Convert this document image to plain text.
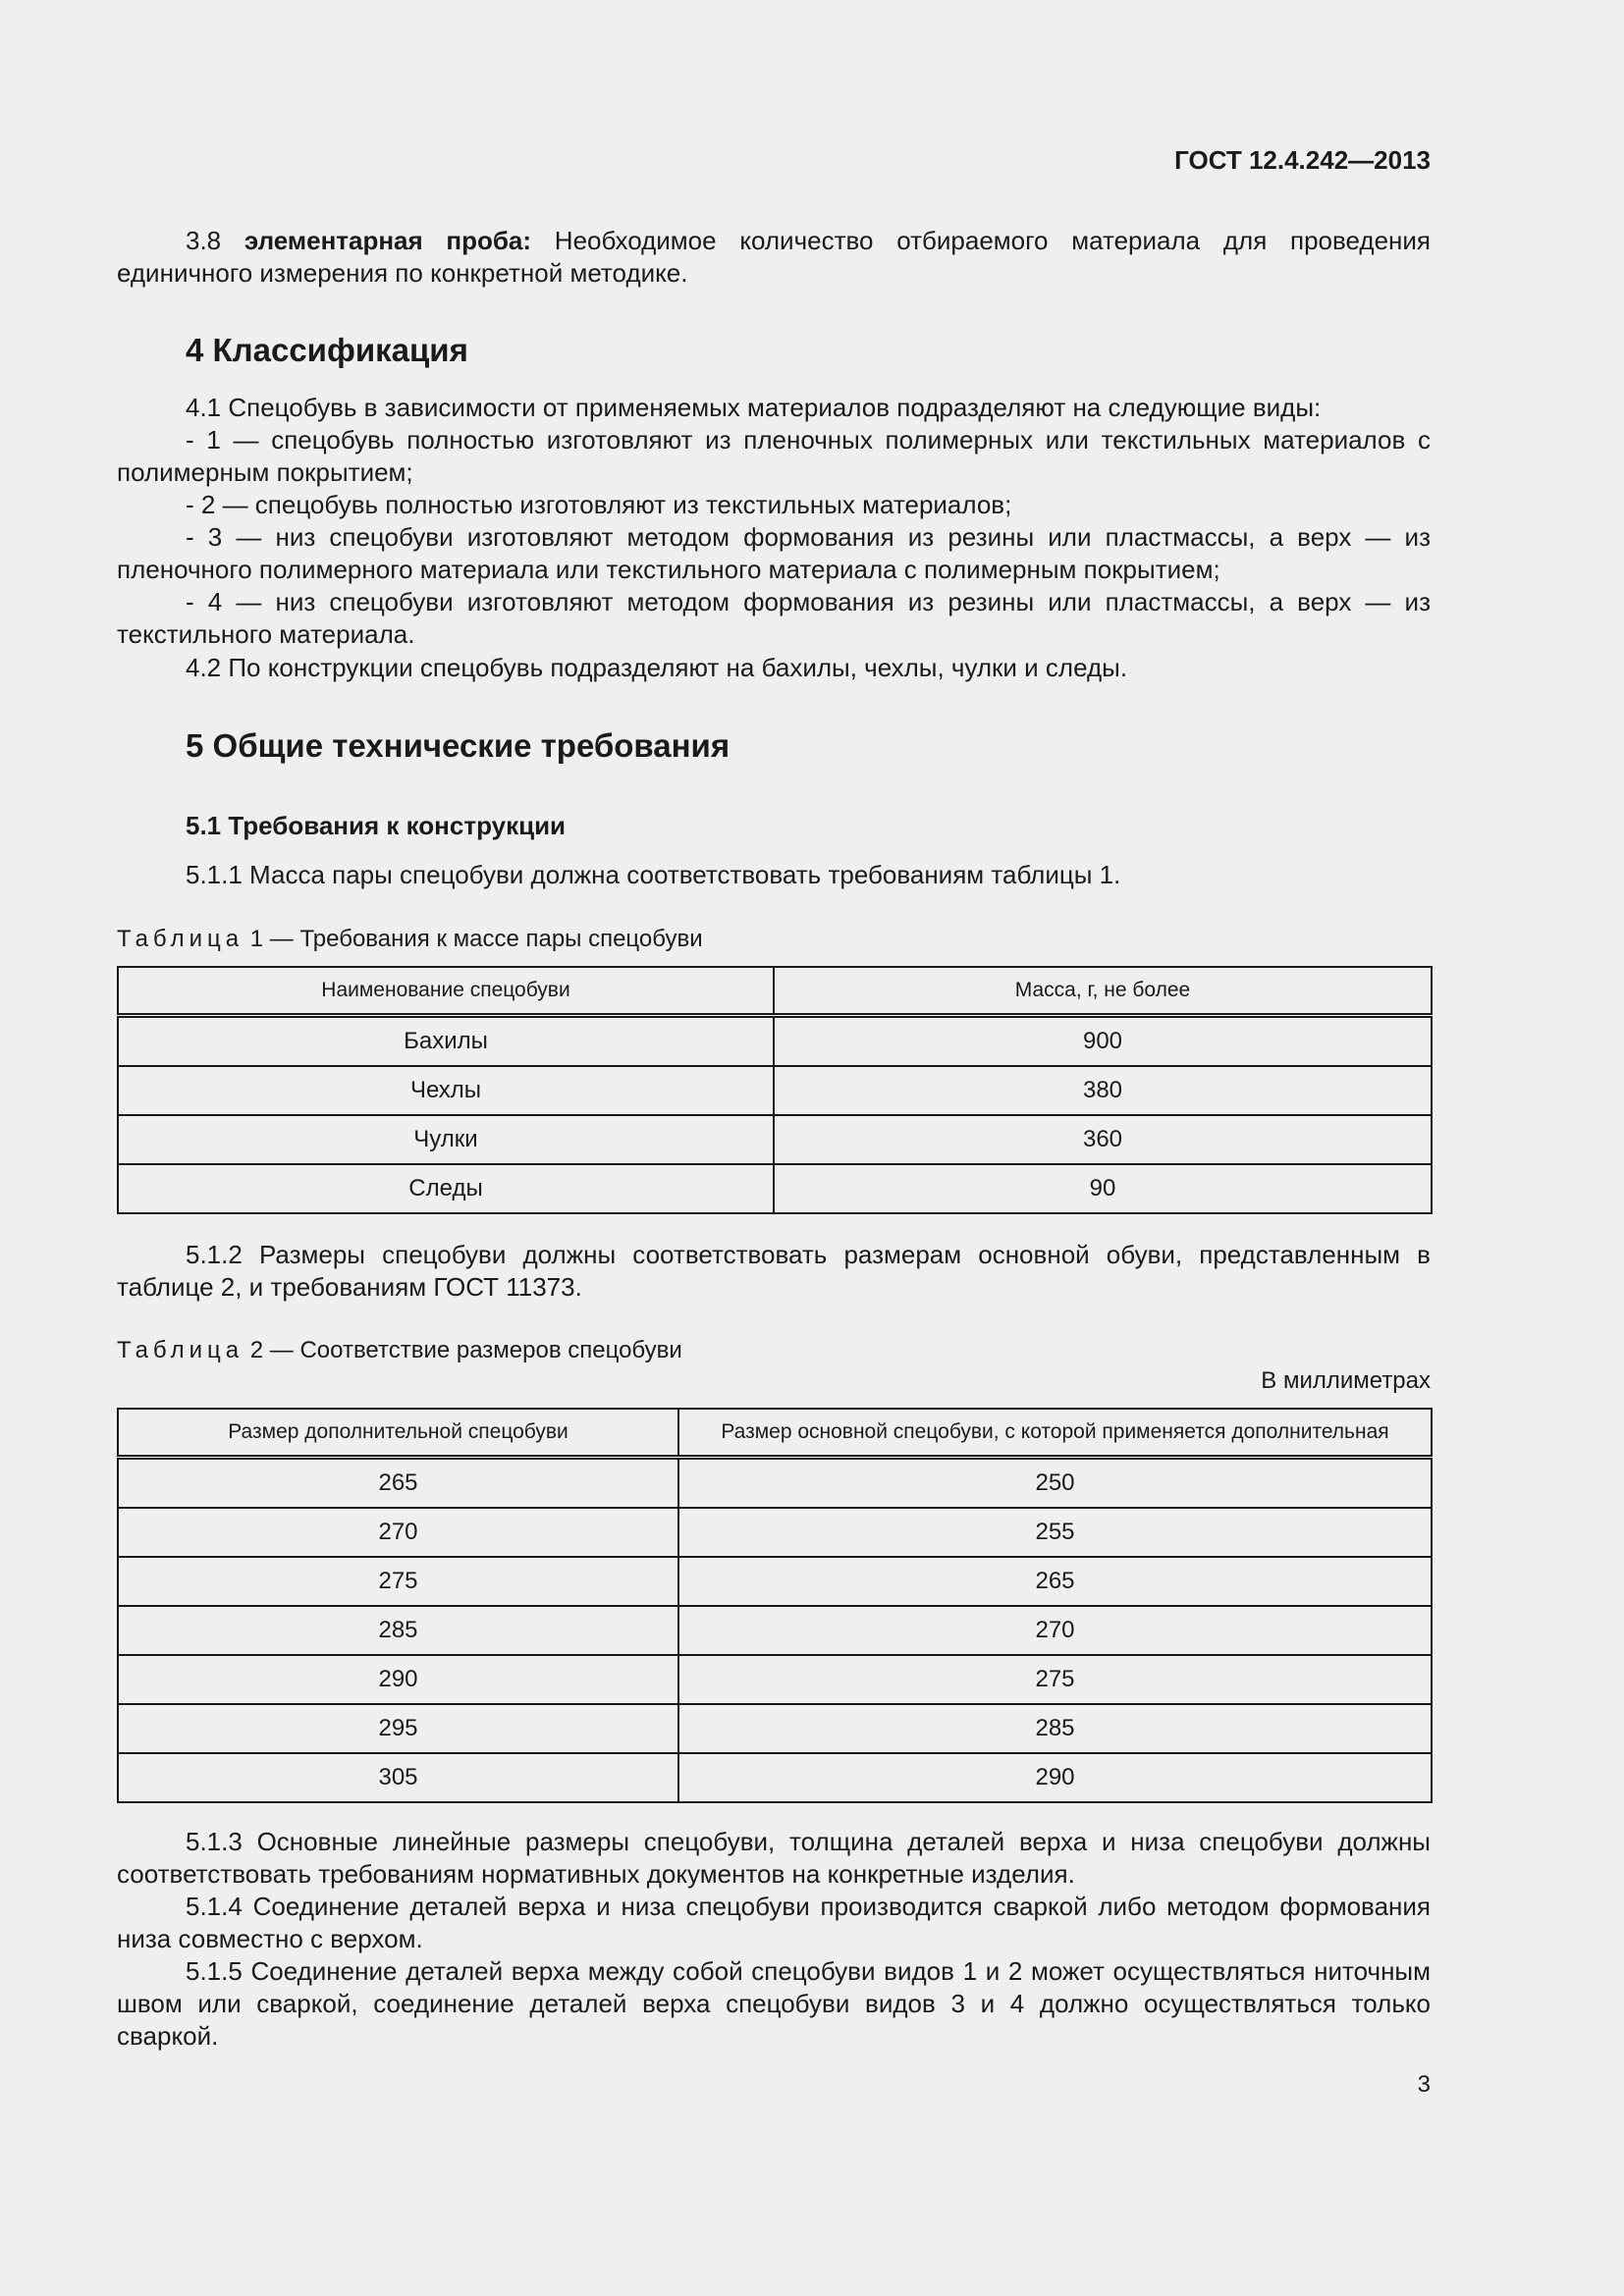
ГОСТ 12.4.242—2013

3.8 элементарная проба: Необходимое количество отбираемого материала для проведения единичного измерения по конкретной методике.

4 Классификация

4.1 Спецобувь в зависимости от применяемых материалов подразделяют на следующие виды:

- 1 — спецобувь полностью изготовляют из пленочных полимерных или текстильных материалов с полимерным покрытием;

- 2 — спецобувь полностью изготовляют из текстильных материалов;

- 3 — низ спецобуви изготовляют методом формования из резины или пластмассы, а верх — из пленочного полимерного материала или текстильного материала с полимерным покрытием;

- 4 — низ спецобуви изготовляют методом формования из резины или пластмассы, а верх — из текстильного материала.

4.2 По конструкции спецобувь подразделяют на бахилы, чехлы, чулки и следы.

5 Общие технические требования
5.1 Требования к конструкции

5.1.1 Масса пары спецобуви должна соответствовать требованиям таблицы 1.

Таблица 1 — Требования к массе пары спецобуви
Наименование спецобуви	Масса, г, не более
Бахилы	900
Чехлы	380
Чулки	360
Следы	90

5.1.2 Размеры спецобуви должны соответствовать размерам основной обуви, представленным в таблице 2, и требованиям ГОСТ 11373.

Таблица 2 — Соответствие размеров спецобуви
В миллиметрах
Размер дополнительной спецобуви	Размер основной спецобуви, с которой применяется дополнительная
265	250
270	255
275	265
285	270
290	275
295	285
305	290

5.1.3 Основные линейные размеры спецобуви, толщина деталей верха и низа спецобуви должны соответствовать требованиям нормативных документов на конкретные изделия.

5.1.4 Соединение деталей верха и низа спецобуви производится сваркой либо методом формования низа совместно с верхом.

5.1.5 Соединение деталей верха между собой спецобуви видов 1 и 2 может осуществляться ниточным швом или сваркой, соединение деталей верха спецобуви видов 3 и 4 должно осуществляться только сваркой.

3
